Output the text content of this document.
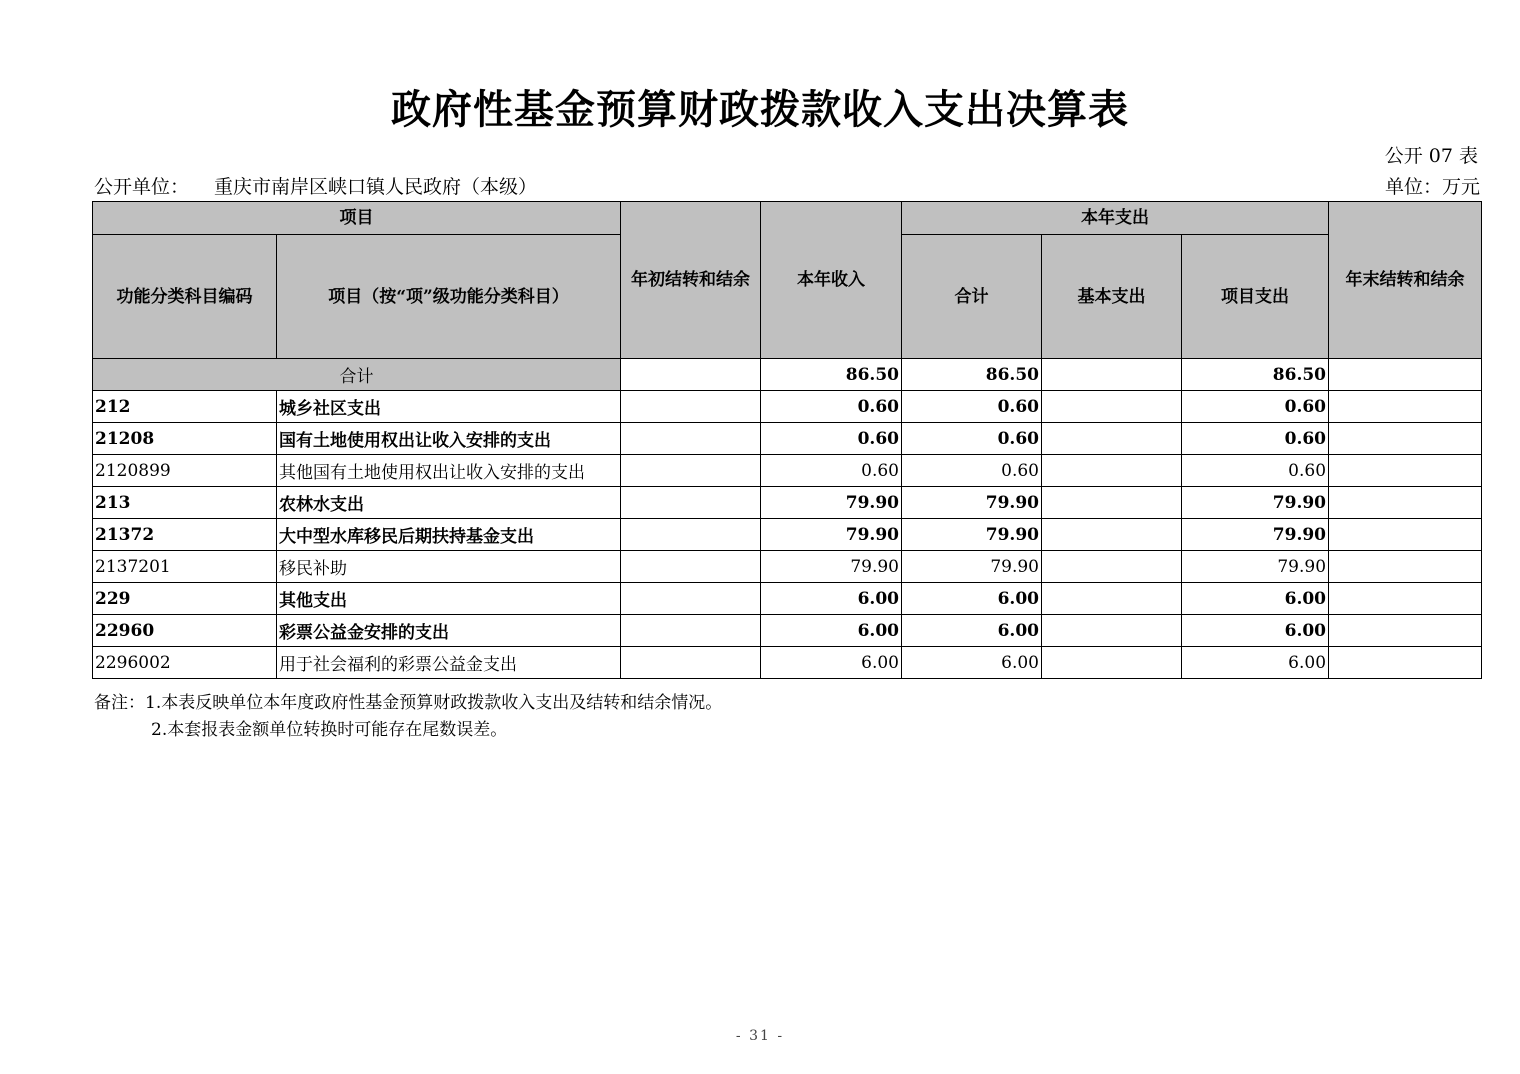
政府性基金预算财政拨款收入支出决算表
公开 07 表
公开单位： 重庆市南岸区峡口镇人民政府（本级）	单位：万元
项目		年初结转和结余	本年收入	本年支出			年末结转和结余
功能分类科目编码	项目（按“项”级功能分类科目）			合计	基本支出	项目支出	
合计			86.50	86.50		86.50	
212	城乡社区支出		0.60	0.60		0.60	
21208	国有土地使用权出让收入安排的支出		0.60	0.60		0.60	
2120899	其他国有土地使用权出让收入安排的支出		0.60	0.60		0.60	
213	农林水支出		79.90	79.90		79.90	
21372	大中型水库移民后期扶持基金支出		79.90	79.90		79.90	
2137201	移民补助		79.90	79.90		79.90	
229	其他支出		6.00	6.00		6.00	
22960	彩票公益金安排的支出		6.00	6.00		6.00	
2296002	用于社会福利的彩票公益金支出		6.00	6.00		6.00	
备注：1.本表反映单位本年度政府性基金预算财政拨款收入支出及结转和结余情况。
2.本套报表金额单位转换时可能存在尾数误差。
- 31 -
